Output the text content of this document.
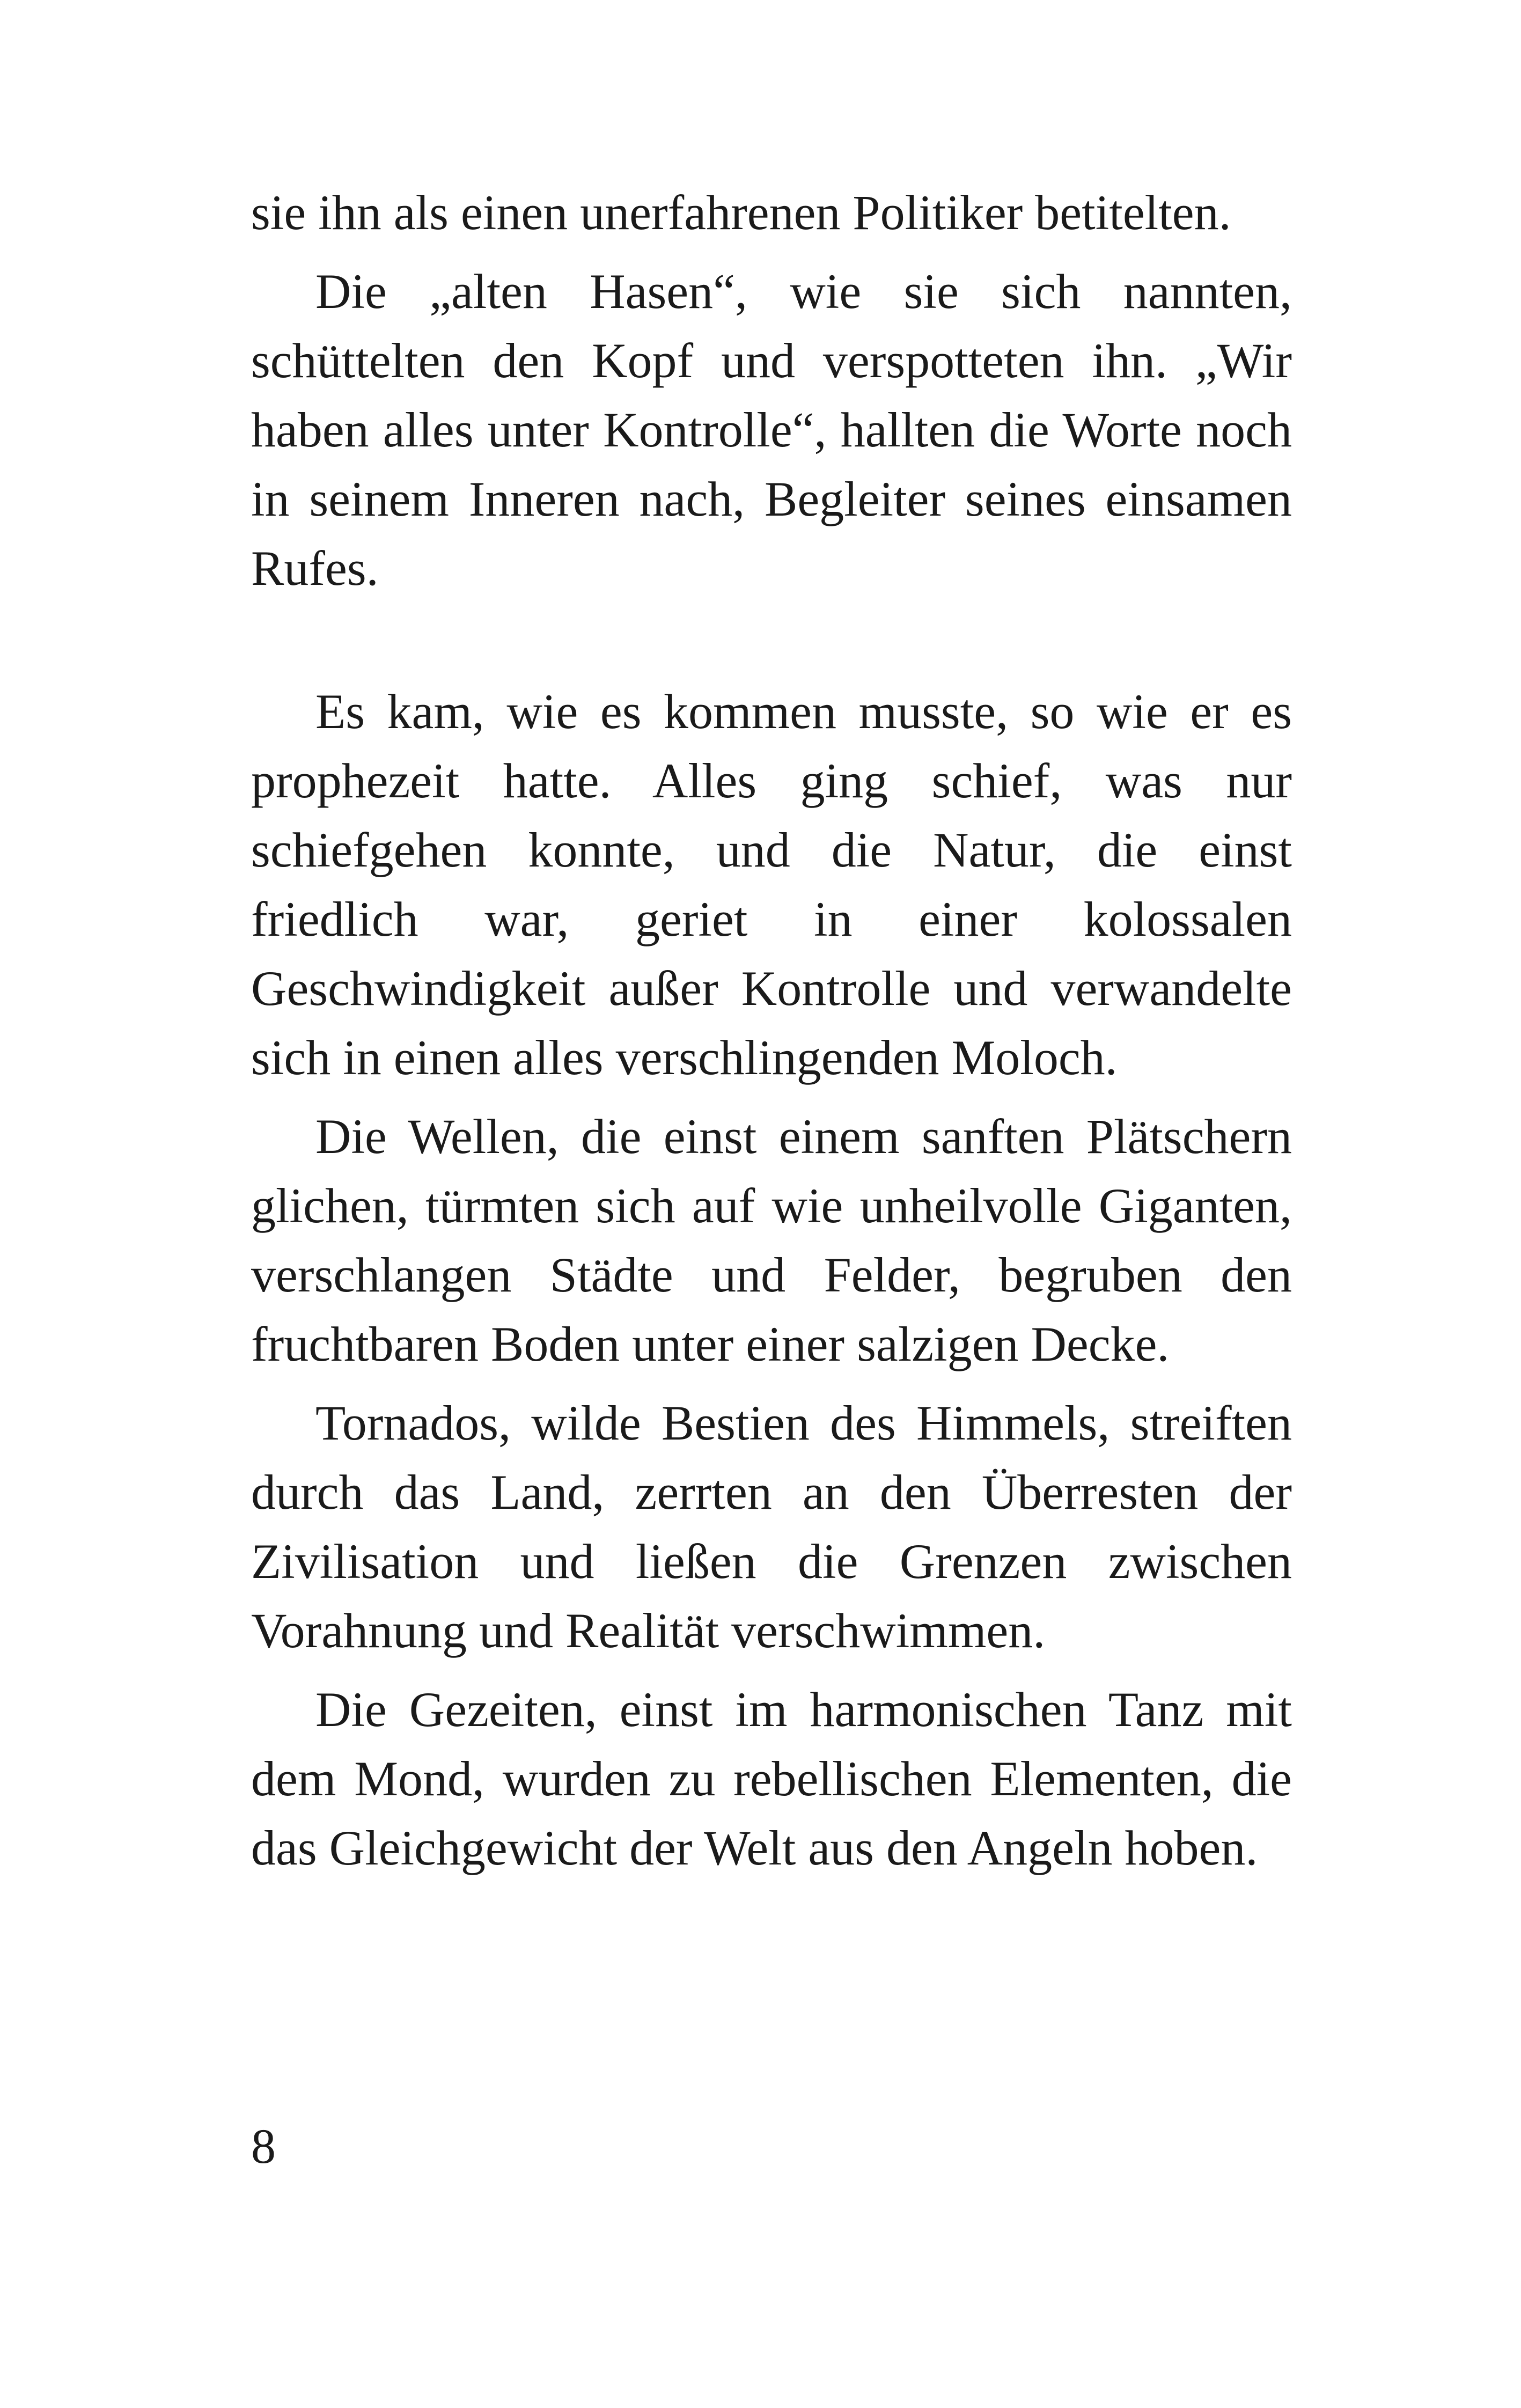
sie ihn als einen unerfahrenen Politiker betitelten.

Die „alten Hasen“, wie sie sich nannten, schüttelten den Kopf und verspotteten ihn. „Wir haben alles unter Kontrolle“, hallten die Worte noch in seinem Inneren nach, Begleiter seines einsamen Rufes.

Es kam, wie es kommen musste, so wie er es prophezeit hatte. Alles ging schief, was nur schiefgehen konnte, und die Natur, die einst friedlich war, geriet in einer kolossalen Geschwindigkeit außer Kontrolle und verwandelte sich in einen alles verschlingenden Moloch.

Die Wellen, die einst einem sanften Plätschern glichen, türmten sich auf wie unheilvolle Giganten, verschlangen Städte und Felder, begruben den fruchtbaren Boden unter einer salzigen Decke.

Tornados, wilde Bestien des Himmels, streiften durch das Land, zerrten an den Überresten der Zivilisation und ließen die Grenzen zwischen Vorahnung und Realität verschwimmen.

Die Gezeiten, einst im harmonischen Tanz mit dem Mond, wurden zu rebellischen Elementen, die das Gleichgewicht der Welt aus den Angeln hoben.

8
